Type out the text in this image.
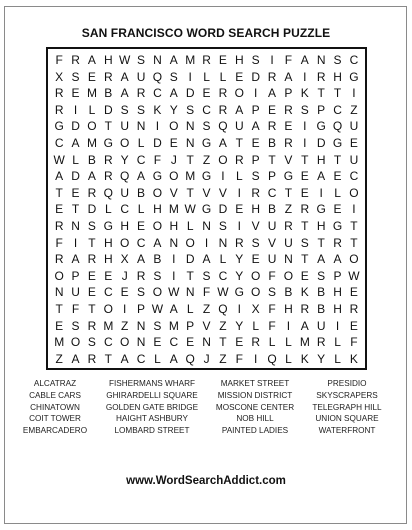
SAN FRANCISCO WORD SEARCH PUZZLE
F R A H W S N A M R E H S I F A N S C
X S E R A U Q S I L L E D R A I R H G
R E M B A R C A D E R O I A P K T T I
R I L D S S K Y S C R A P E R S P C Z
G D O T U N I O N S Q U A R E I G Q U
C A M G O L D E N G A T E B R I D G E
W L B R Y C F J T Z O R P T V T H T U
A D A R Q A G O M G I L S P G E A E C
T E R Q U B O V T V V I R C T E I L O
E T D L C L H M W G D E H B Z R G E I
R N S G H E O H L N S I V U R T H G T
F I T H O C A N O I N R S V U S T R T
R A R H X A B I D A L Y E U N T A A O
O P E E J R S I T S C Y O F O E S P W
N U E C E S O W N F W G O S B K B H E
T F T O I P W A L Z Q I X F H R B H R
E S R M Z N S M P V Z Y L F I A U I E
M O S C O N E C E N T E R L L M R L F
Z A R T A C L A Q J Z F I Q L K Y L K
ALCATRAZ
CABLE CARS
CHINATOWN
COIT TOWER
EMBARCADERO
FISHERMANS WHARF
GHIRARDELLI SQUARE
GOLDEN GATE BRIDGE
HAIGHT ASHBURY
LOMBARD STREET
MARKET STREET
MISSION DISTRICT
MOSCONE CENTER
NOB HILL
PAINTED LADIES
PRESIDIO
SKYSCRAPERS
TELEGRAPH HILL
UNION SQUARE
WATERFRONT
www.WordSearchAddict.com
